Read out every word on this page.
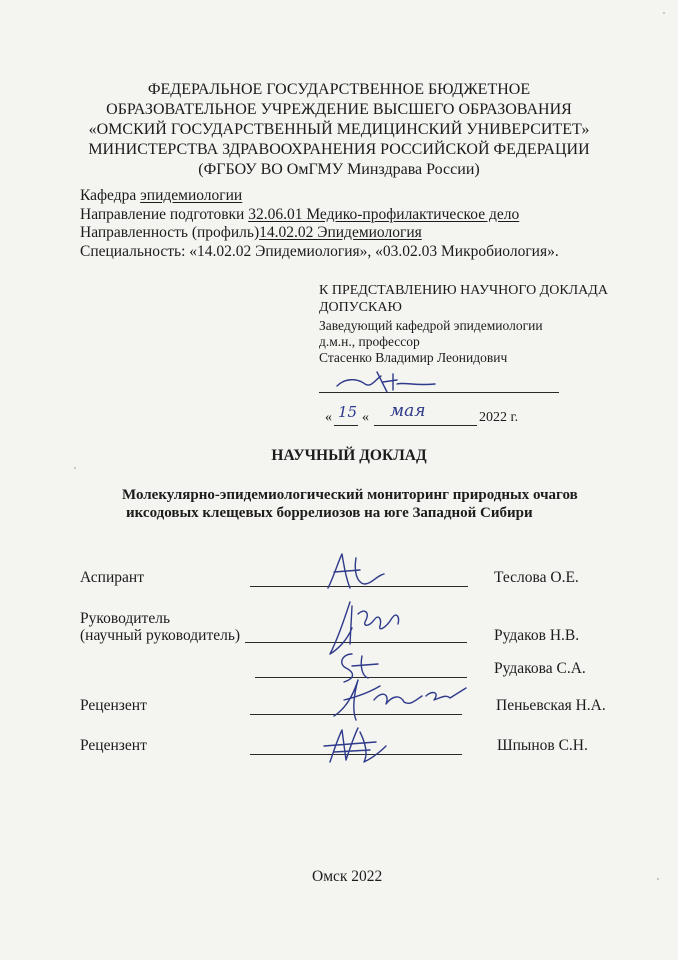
ФЕДЕРАЛЬНОЕ ГОСУДАРСТВЕННОЕ БЮДЖЕТНОЕ
ОБРАЗОВАТЕЛЬНОЕ УЧРЕЖДЕНИЕ ВЫСШЕГО ОБРАЗОВАНИЯ
«ОМСКИЙ ГОСУДАРСТВЕННЫЙ МЕДИЦИНСКИЙ УНИВЕРСИТЕТ»
МИНИСТЕРСТВА ЗДРАВООХРАНЕНИЯ РОССИЙСКОЙ ФЕДЕРАЦИИ
(ФГБОУ ВО ОмГМУ Минздрава России)
Кафедра эпидемиологии
Направление подготовки 32.06.01 Медико-профилактическое дело
Направленность (профиль)14.02.02 Эпидемиология
Специальность: «14.02.02 Эпидемиология», «03.02.03 Микробиология».
К ПРЕДСТАВЛЕНИЮ НАУЧНОГО ДОКЛАДА
ДОПУСКАЮ
Заведующий кафедрой эпидемиологии
д.м.н., профессор
Стасенко Владимир Леонидович
« 15 « мая	2022 г.
НАУЧНЫЙ ДОКЛАД
Молекулярно-эпидемиологический мониторинг природных очагов
иксодовых клещевых боррелиозов на юге Западной Сибири
Аспирант	Теслова О.Е.
Руководитель
(научный руководитель)	Рудаков Н.В.
Рудакова С.А.
Рецензент	Пеньевская Н.А.
Рецензент	Шпынов С.Н.
Омск 2022
